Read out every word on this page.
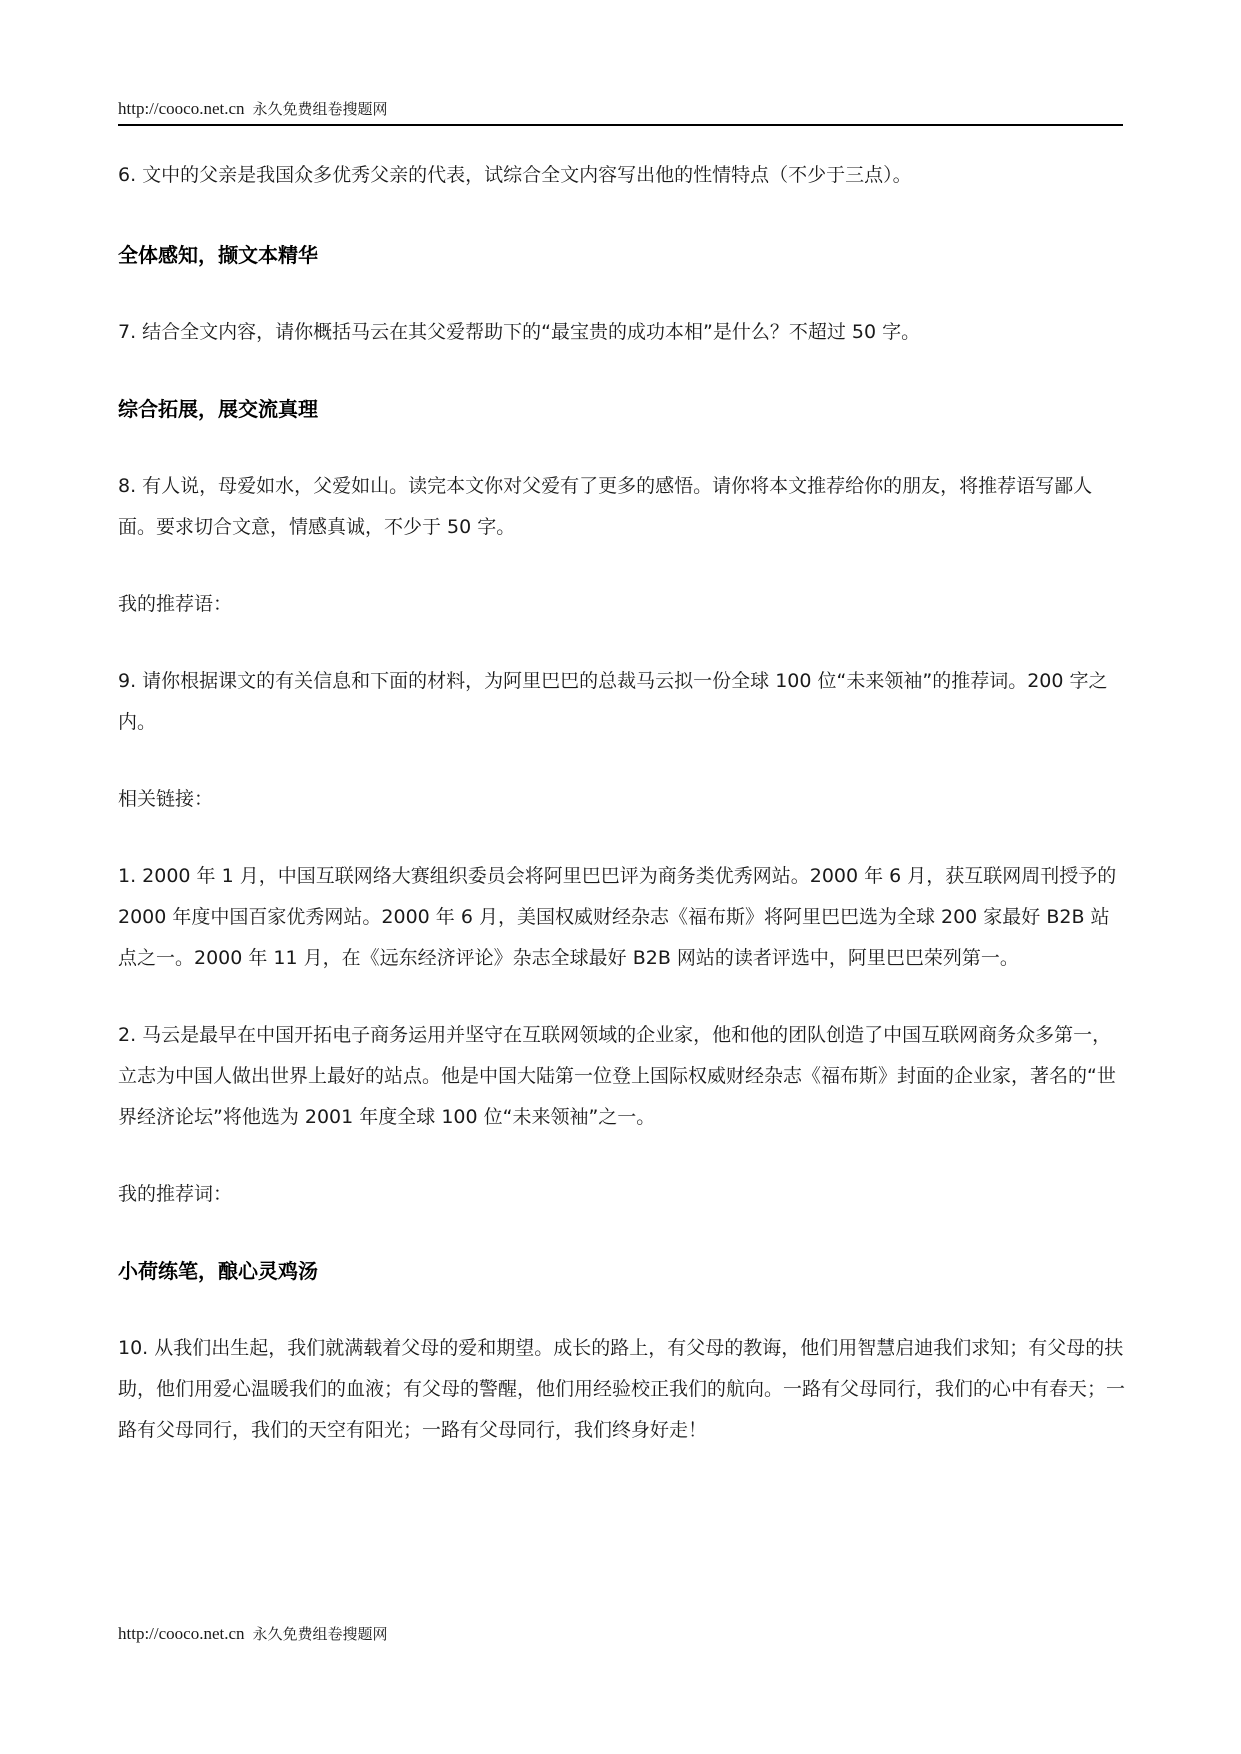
http://cooco.net.cn 永久免费组卷搜题网

6. 文中的父亲是我国众多优秀父亲的代表，试综合全文内容写出他的性情特点（不少于三点）。

全体感知，撷文本精华

7. 结合全文内容，请你概括马云在其父爱帮助下的“最宝贵的成功本相”是什么？不超过 50 字。

综合拓展，展交流真理

8. 有人说，母爱如水，父爱如山。读完本文你对父爱有了更多的感悟。请你将本文推荐给你的朋友，将推荐语写鄙人面。要求切合文意，情感真诚，不少于 50 字。

我的推荐语：

9. 请你根据课文的有关信息和下面的材料，为阿里巴巴的总裁马云拟一份全球 100 位“未来领袖”的推荐词。200 字之内。

相关链接：

1. 2000 年 1 月，中国互联网络大赛组织委员会将阿里巴巴评为商务类优秀网站。2000 年 6 月，获互联网周刊授予的 2000 年度中国百家优秀网站。2000 年 6 月，美国权威财经杂志《福布斯》将阿里巴巴选为全球 200 家最好 B2B 站点之一。2000 年 11 月，在《远东经济评论》杂志全球最好 B2B 网站的读者评选中，阿里巴巴荣列第一。

2. 马云是最早在中国开拓电子商务运用并坚守在互联网领域的企业家，他和他的团队创造了中国互联网商务众多第一，立志为中国人做出世界上最好的站点。他是中国大陆第一位登上国际权威财经杂志《福布斯》封面的企业家，著名的“世界经济论坛”将他选为 2001 年度全球 100 位“未来领袖”之一。

我的推荐词：

小荷练笔，酿心灵鸡汤

10. 从我们出生起，我们就满载着父母的爱和期望。成长的路上，有父母的教诲，他们用智慧启迪我们求知；有父母的扶助，他们用爱心温暖我们的血液；有父母的警醒，他们用经验校正我们的航向。一路有父母同行，我们的心中有春天；一路有父母同行，我们的天空有阳光；一路有父母同行，我们终身好走！

http://cooco.net.cn 永久免费组卷搜题网
